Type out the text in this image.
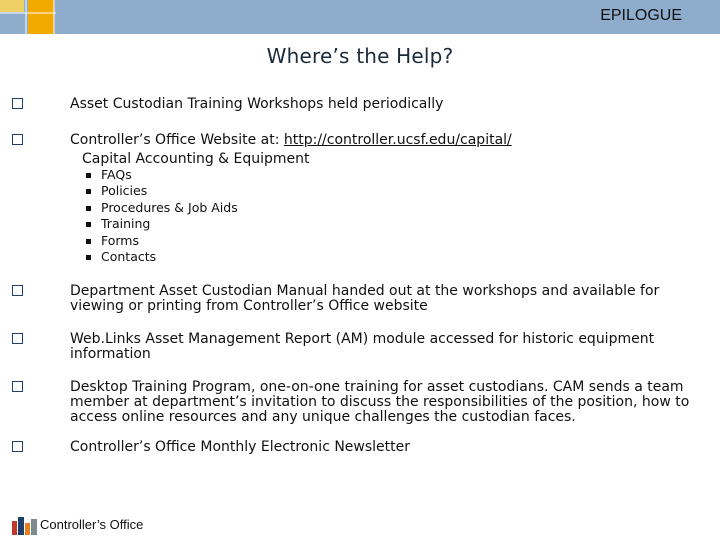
EPILOGUE
Where’s the Help?
Asset Custodian Training Workshops held periodically
Controller’s Office Website at: http://controller.ucsf.edu/capital/
Capital Accounting & Equipment
FAQs
Policies
Procedures & Job Aids
Training
Forms
Contacts
Department Asset Custodian Manual handed out at the workshops and available for viewing or printing from Controller’s Office website
Web.Links Asset Management Report (AM) module accessed for historic equipment information
Desktop Training Program, one-on-one training for asset custodians. CAM sends a team member at department’s invitation to discuss the responsibilities of the position, how to access online resources and any unique challenges the custodian faces.
Controller’s Office Monthly Electronic Newsletter
Controller’s Office
